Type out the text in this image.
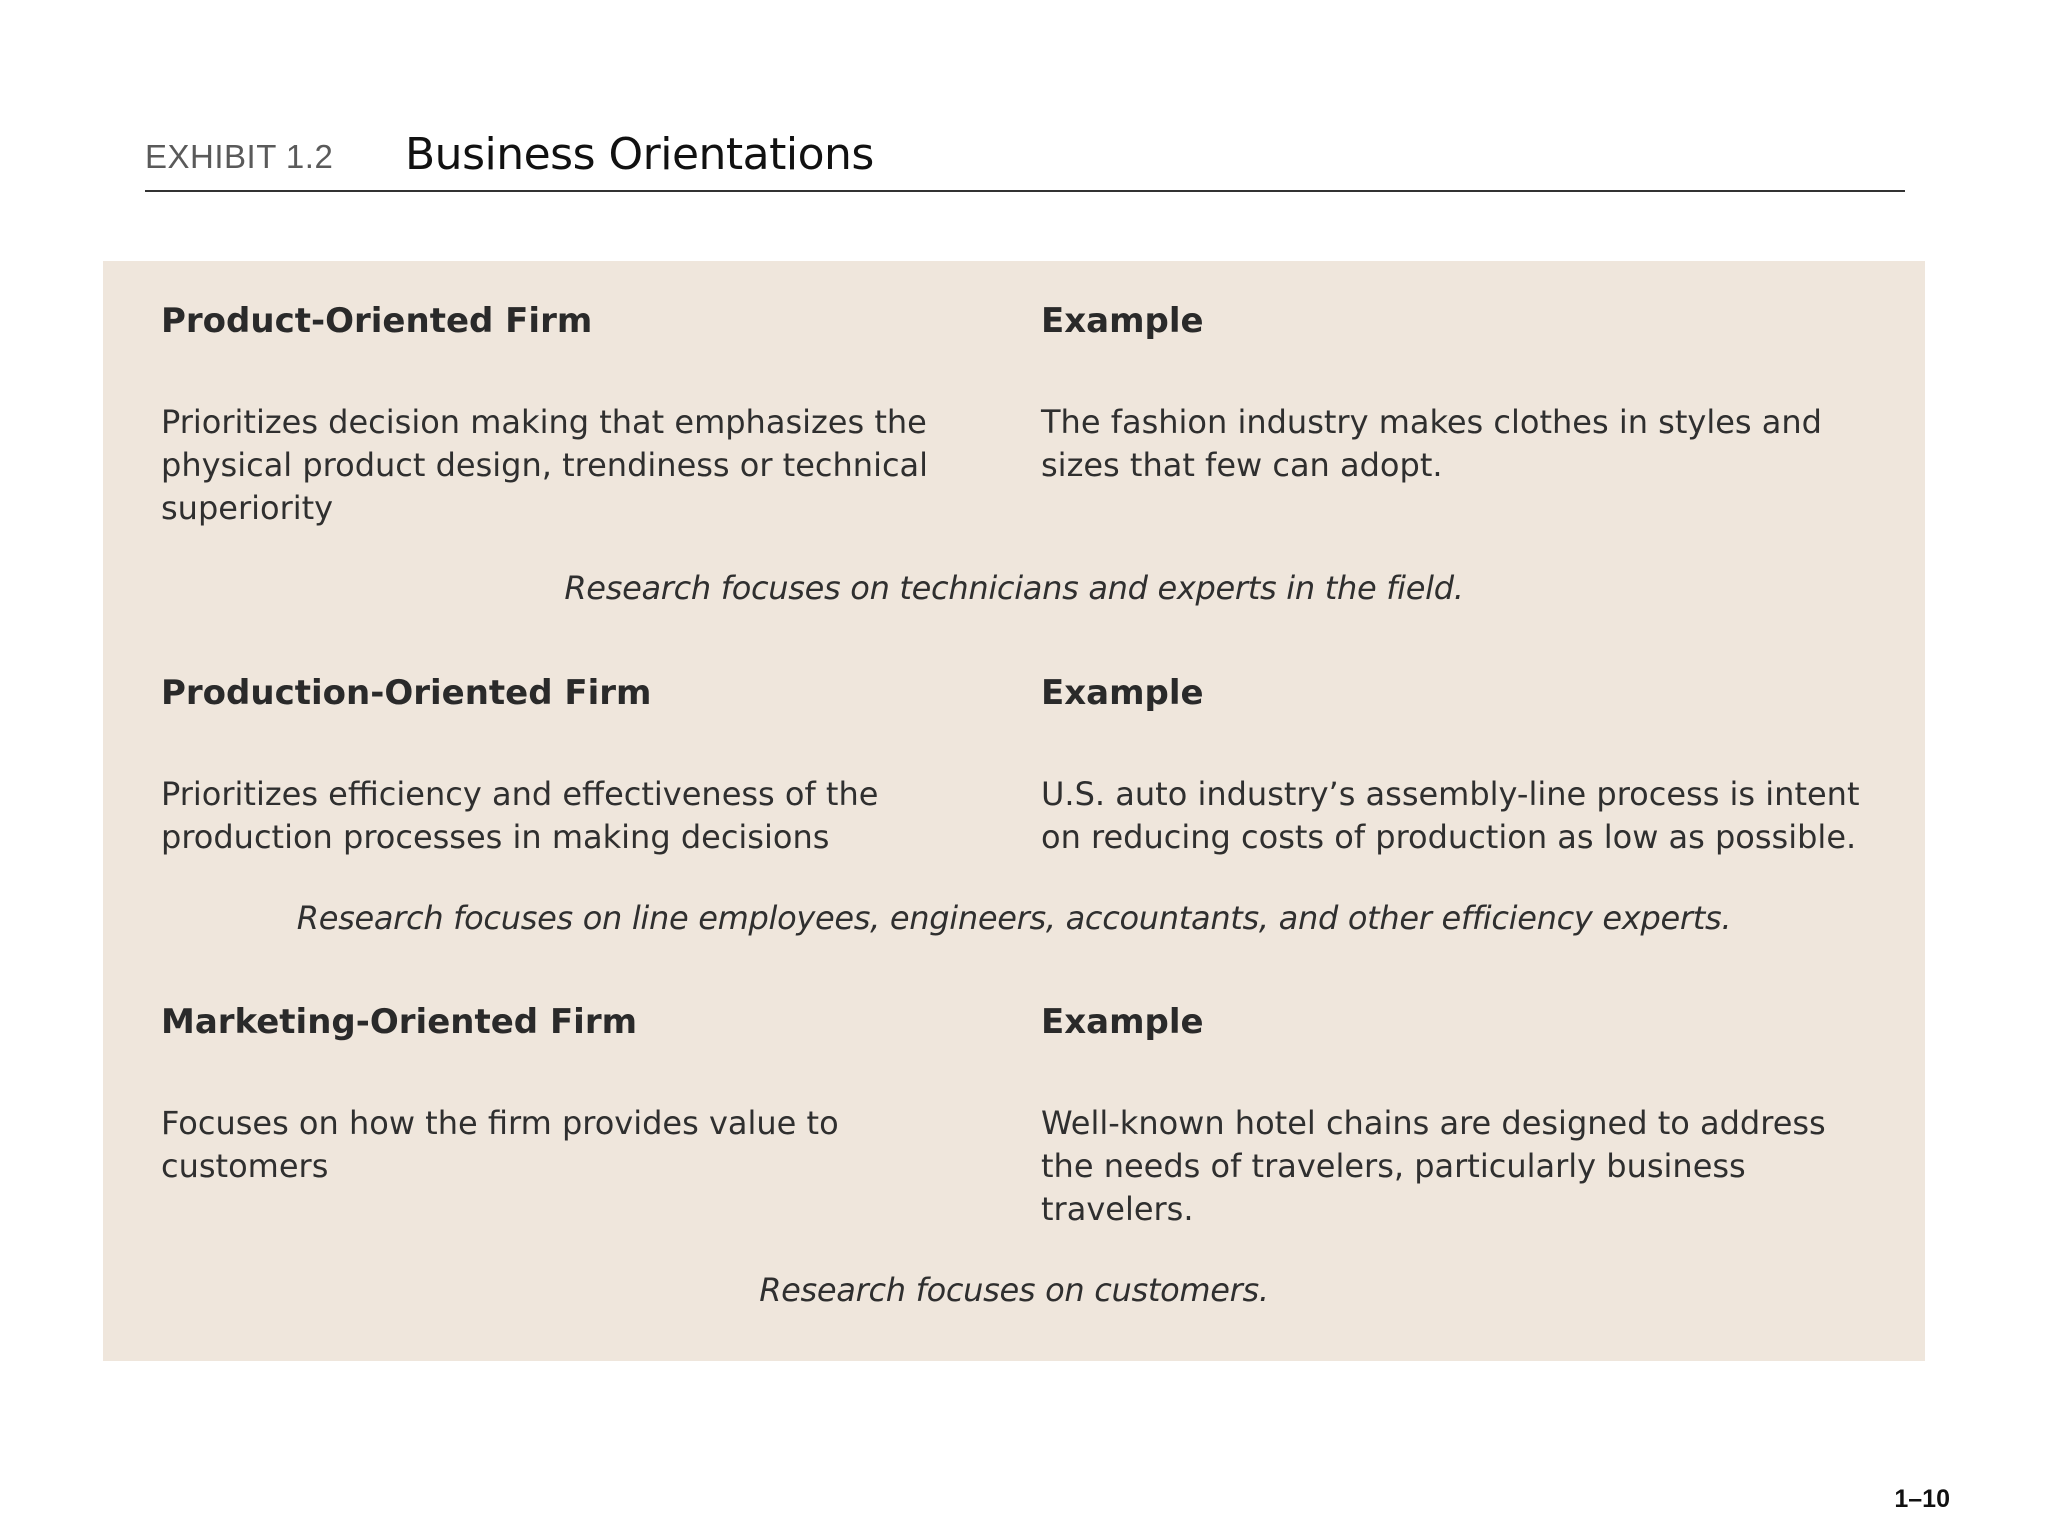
EXHIBIT 1.2 Business Orientations
Product-Oriented Firm
Prioritizes decision making that emphasizes the physical product design, trendiness or technical superiority
Example
The fashion industry makes clothes in styles and sizes that few can adopt.
Research focuses on technicians and experts in the field.
Production-Oriented Firm
Prioritizes efficiency and effectiveness of the production processes in making decisions
Example
U.S. auto industry’s assembly-line process is intent on reducing costs of production as low as possible.
Research focuses on line employees, engineers, accountants, and other efficiency experts.
Marketing-Oriented Firm
Focuses on how the firm provides value to customers
Example
Well-known hotel chains are designed to address the needs of travelers, particularly business travelers.
Research focuses on customers.
1–10
